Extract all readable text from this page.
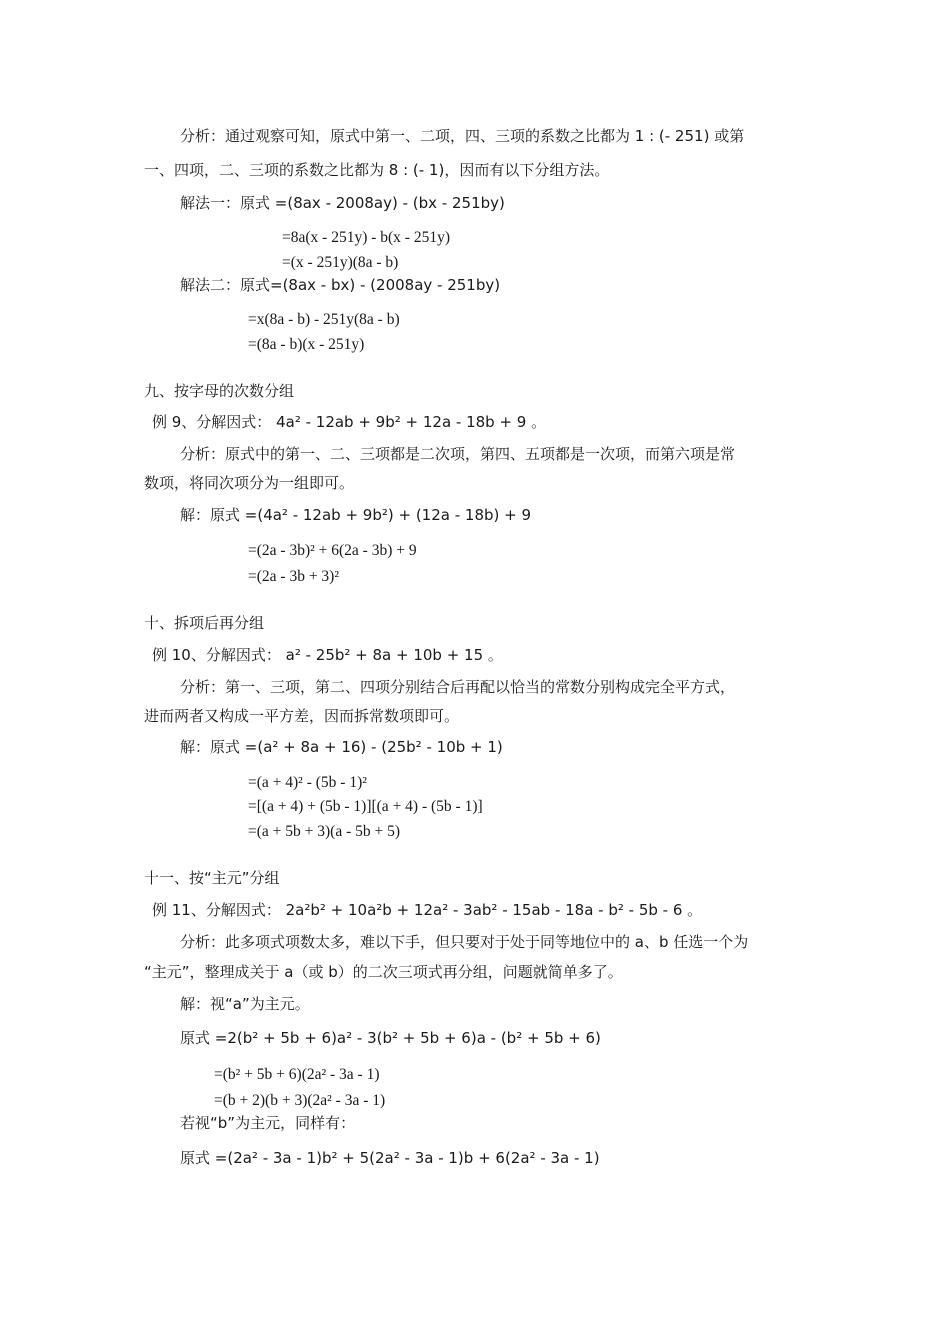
分析：通过观察可知，原式中第一、二项，四、三项的系数之比都为 1 : (- 251) 或第
一、四项，二、三项的系数之比都为 8 : (- 1)，因而有以下分组方法。
解法一：原式 =(8ax - 2008ay) - (bx - 251by)
=8a(x - 251y) - b(x - 251y)
=(x - 251y)(8a - b)
解法二：原式=(8ax - bx) - (2008ay - 251by)
=x(8a - b) - 251y(8a - b)
=(8a - b)(x - 251y)
九、按字母的次数分组
例 9、分解因式： 4a² - 12ab + 9b² + 12a - 18b + 9 。
分析：原式中的第一、二、三项都是二次项，第四、五项都是一次项，而第六项是常
数项，将同次项分为一组即可。
解：原式 =(4a² - 12ab + 9b²) + (12a - 18b) + 9
=(2a - 3b)² + 6(2a - 3b) + 9
=(2a - 3b + 3)²
十、拆项后再分组
例 10、分解因式： a² - 25b² + 8a + 10b + 15 。
分析：第一、三项，第二、四项分别结合后再配以恰当的常数分别构成完全平方式，
进而两者又构成一平方差，因而拆常数项即可。
解：原式 =(a² + 8a + 16) - (25b² - 10b + 1)
=(a + 4)² - (5b - 1)²
=[(a + 4) + (5b - 1)][(a + 4) - (5b - 1)]
=(a + 5b + 3)(a - 5b + 5)
十一、按“主元”分组
例 11、分解因式： 2a²b² + 10a²b + 12a² - 3ab² - 15ab - 18a - b² - 5b - 6 。
分析：此多项式项数太多，难以下手，但只要对于处于同等地位中的 a、b 任选一个为
“主元”，整理成关于 a（或 b）的二次三项式再分组，问题就简单多了。
解：视“a”为主元。
原式 =2(b² + 5b + 6)a² - 3(b² + 5b + 6)a - (b² + 5b + 6)
=(b² + 5b + 6)(2a² - 3a - 1)
=(b + 2)(b + 3)(2a² - 3a - 1)
若视“b”为主元，同样有：
原式 =(2a² - 3a - 1)b² + 5(2a² - 3a - 1)b + 6(2a² - 3a - 1)
